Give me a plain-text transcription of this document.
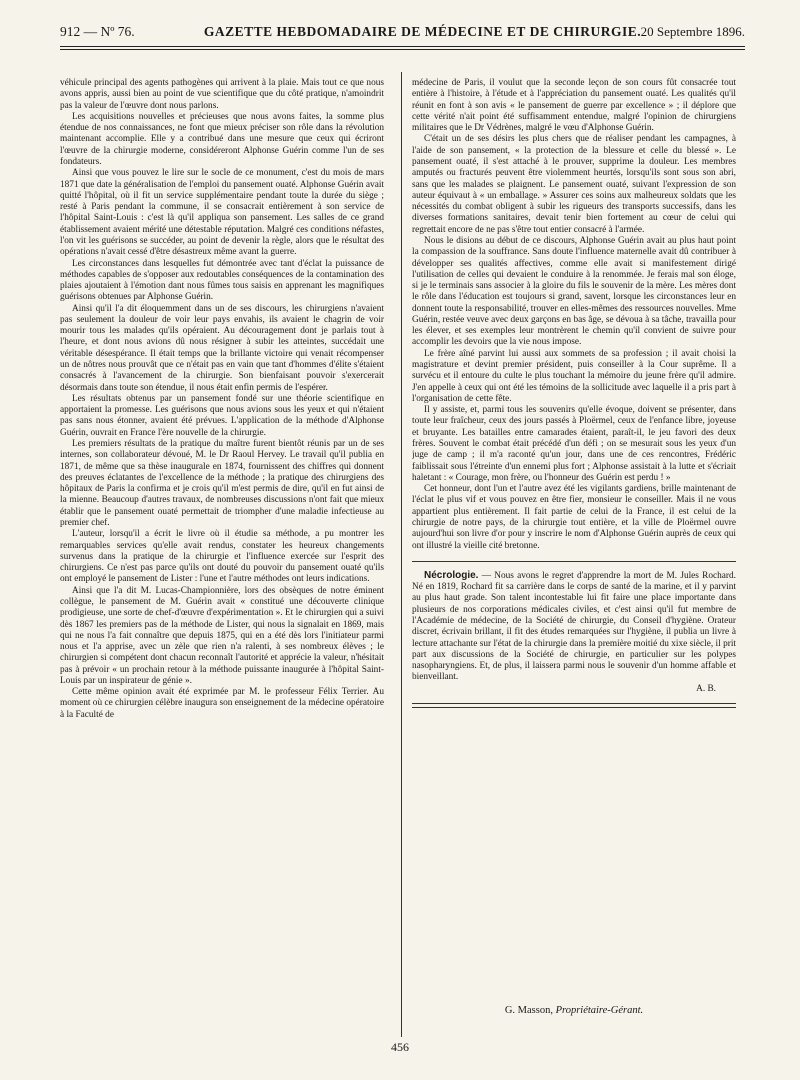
912 — Nº 76.	GAZETTE HEBDOMADAIRE DE MÉDECINE ET DE CHIRURGIE. 20 Septembre 1896.

véhicule principal des agents pathogènes qui arrivent à la plaie. Mais tout ce que nous avons appris, aussi bien au point de vue scientifique que du côté pratique, n'amoindrit pas la valeur de l'œuvre dont nous parlons.

Les acquisitions nouvelles et précieuses que nous avons faites, la somme plus étendue de nos connaissances, ne font que mieux préciser son rôle dans la révolution maintenant accomplie. Elle y a contribué dans une mesure que ceux qui écriront l'œuvre de la chirurgie moderne, considéreront Alphonse Guérin comme l'un de ses fondateurs.

Ainsi que vous pouvez le lire sur le socle de ce monument, c'est du mois de mars 1871 que date la généralisation de l'emploi du pansement ouaté. Alphonse Guérin avait quitté l'hôpital, où il fit un service supplémentaire pendant toute la durée du siège ; resté à Paris pendant la commune, il se consacrait entièrement à son service de l'hôpital Saint-Louis : c'est là qu'il appliqua son pansement. Les salles de ce grand établissement avaient mérité une détestable réputation. Malgré ces conditions néfastes, l'on vit les guérisons se succéder, au point de devenir la règle, alors que le résultat des opérations n'avait cessé d'être désastreux même avant la guerre.

Les circonstances dans lesquelles fut démontrée avec tant d'éclat la puissance de méthodes capables de s'opposer aux redoutables conséquences de la contamination des plaies ajoutaient à l'émotion dant nous fûmes tous saisis en apprenant les magnifiques guérisons obtenues par Alphonse Guérin.

Ainsi qu'il l'a dit éloquemment dans un de ses discours, les chirurgiens n'avaient pas seulement la douleur de voir leur pays envahis, ils avaient le chagrin de voir mourir tous les malades qu'ils opéraient. Au découragement dont je parlais tout à l'heure, et dont nous avions dû nous résigner à subir les atteintes, succédait une véritable désespérance. Il était temps que la brillante victoire qui venait récompenser un de nôtres nous prouvât que ce n'était pas en vain que tant d'hommes d'élite s'étaient consacrés à l'avancement de la chirurgie. Son bienfaisant pouvoir s'exercerait désormais dans toute son étendue, il nous était enfin permis de l'espérer.

Les résultats obtenus par un pansement fondé sur une théorie scientifique en apportaient la promesse. Les guérisons que nous avions sous les yeux et qui n'étaient pas sans nous étonner, avaient été prévues. L'application de la méthode d'Alphonse Guérin, ouvrait en France l'ère nouvelle de la chirurgie.

Les premiers résultats de la pratique du maître furent bientôt réunis par un de ses internes, son collaborateur dévoué, M. le Dr Raoul Hervey. Le travail qu'il publia en 1871, de même que sa thèse inaugurale en 1874, fournissent des chiffres qui donnent des preuves éclatantes de l'excellence de la méthode ; la pratique des chirurgiens des hôpitaux de Paris la confirma et je crois qu'il m'est permis de dire, qu'il en fut ainsi de la mienne. Beaucoup d'autres travaux, de nombreuses discussions n'ont fait que mieux établir que le pansement ouaté permettait de triompher d'une maladie infectieuse au premier chef.

L'auteur, lorsqu'il a écrit le livre où il étudie sa méthode, a pu montrer les remarquables services qu'elle avait rendus, constater les heureux changements survenus dans la pratique de la chirurgie et l'influence exercée sur l'esprit des chirurgiens. Ce n'est pas parce qu'ils ont douté du pouvoir du pansement ouaté qu'ils ont employé le pansement de Lister : l'une et l'autre méthodes ont leurs indications.

Ainsi que l'a dit M. Lucas-Championnière, lors des obsèques de notre éminent collègue, le pansement de M. Guérin avait « constitué une découverte clinique prodigieuse, une sorte de chef-d'œuvre d'expérimentation ». Et le chirurgien qui a suivi dès 1867 les premiers pas de la méthode de Lister, qui nous la signalait en 1869, mais qui ne nous l'a fait connaître que depuis 1875, qui en a été dès lors l'initiateur parmi nous et l'a apprise, avec un zèle que rien n'a ralenti, à ses nombreux élèves ; le chirurgien si compétent dont chacun reconnaît l'autorité et apprécie la valeur, n'hésitait pas à prévoir « un prochain retour à la méthode puissante inaugurée à l'hôpital Saint-Louis par un inspirateur de génie ».

Cette même opinion avait été exprimée par M. le professeur Félix Terrier. Au moment où ce chirurgien célèbre inaugura son enseignement de la médecine opératoire à la Faculté de

médecine de Paris, il voulut que la seconde leçon de son cours fût consacrée tout entière à l'histoire, à l'étude et à l'appréciation du pansement ouaté. Les qualités qu'il réunit en font à son avis « le pansement de guerre par excellence » ; il déplore que cette vérité n'ait point été suffisamment entendue, malgré l'opinion de chirurgiens militaires que le Dr Védrènes, malgré le vœu d'Alphonse Guérin.

C'était un de ses désirs les plus chers que de réaliser pendant les campagnes, à l'aide de son pansement, « la protection de la blessure et celle du blessé ». Le pansement ouaté, il s'est attaché à le prouver, supprime la douleur. Les membres amputés ou fracturés peuvent être violemment heurtés, lorsqu'ils sont sous son abri, sans que les malades se plaignent. Le pansement ouaté, suivant l'expression de son auteur équivaut à « un emballage. » Assurer ces soins aux malheureux soldats que les nécessités du combat obligent à subir les rigueurs des transports successifs, dans les diverses formations sanitaires, devait tenir bien fortement au cœur de celui qui regrettait encore de ne pas s'être tout entier consacré à l'armée.

Nous le disions au début de ce discours, Alphonse Guérin avait au plus haut point la compassion de la souffrance. Sans doute l'influence maternelle avait dû contribuer à développer ses qualités affectives, comme elle avait si manifestement dirigé l'utilisation de celles qui devaient le conduire à la renommée. Je ferais mal son éloge, si je le terminais sans associer à la gloire du fils le souvenir de la mère. Les mères dont le rôle dans l'éducation est toujours si grand, savent, lorsque les circonstances leur en donnent toute la responsabilité, trouver en elles-mêmes des ressources nouvelles. Mme Guérin, restée veuve avec deux garçons en bas âge, se dévoua à sa tâche, travailla pour les élever, et ses exemples leur montrèrent le chemin qu'il convient de suivre pour accomplir les devoirs que la vie nous impose.

Le frère aîné parvint lui aussi aux sommets de sa profession ; il avait choisi la magistrature et devint premier président, puis conseiller à la Cour suprême. Il a survécu et il entoure du culte le plus touchant la mémoire du jeune frère qu'il admire. J'en appelle à ceux qui ont été les témoins de la sollicitude avec laquelle il a pris part à l'organisation de cette fête.

Il y assiste, et, parmi tous les souvenirs qu'elle évoque, doivent se présenter, dans toute leur fraîcheur, ceux des jours passés à Ploërmel, ceux de l'enfance libre, joyeuse et bruyante. Les batailles entre camarades étaient, paraît-il, le jeu favori des deux frères. Souvent le combat était précédé d'un défi ; on se mesurait sous les yeux d'un juge de camp ; il m'a raconté qu'un jour, dans une de ces rencontres, Frédéric faiblissait sous l'étreinte d'un ennemi plus fort ; Alphonse assistait à la lutte et s'écriait haletant : « Courage, mon frère, ou l'honneur des Guérin est perdu ! »

Cet honneur, dont l'un et l'autre avez été les vigilants gardiens, brille maintenant de l'éclat le plus vif et vous pouvez en être fier, monsieur le conseiller. Mais il ne vous appartient plus entièrement. Il fait partie de celui de la France, il est celui de la chirurgie de notre pays, de la chirurgie tout entière, et la ville de Ploërmel ouvre aujourd'hui son livre d'or pour y inscrire le nom d'Alphonse Guérin auprès de ceux qui ont illustré la vieille cité bretonne.

Nécrologie. — Nous avons le regret d'apprendre la mort de M. Jules Rochard. Né en 1819, Rochard fit sa carrière dans le corps de santé de la marine, et il y parvint au plus haut grade. Son talent incontestable lui fit faire une place importante dans plusieurs de nos corporations médicales civiles, et c'est ainsi qu'il fut membre de l'Académie de médecine, de la Société de chirurgie, du Conseil d'hygiène. Orateur discret, écrivain brillant, il fit des études remarquées sur l'hygiène, il publia un livre à lecture attachante sur l'état de la chirurgie dans la première moitié du xixe siècle, il prit part aux discussions de la Société de chirurgie, en particulier sur les polypes nasopharyngiens. Et, de plus, il laissera parmi nous le souvenir d'un homme affable et bienveillant.

A. B.

G. Masson, Propriétaire-Gérant.
456
